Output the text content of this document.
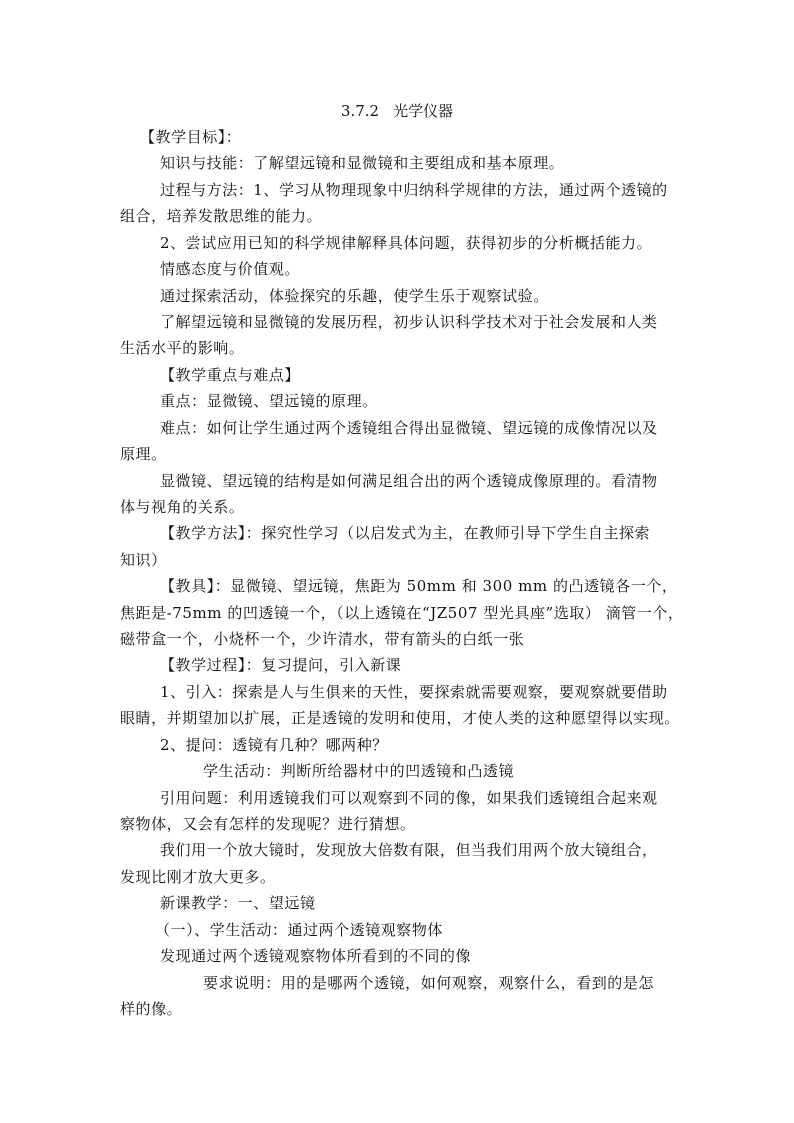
3.7.2 光学仪器
【教学目标】：
知识与技能：了解望远镜和显微镜和主要组成和基本原理。
过程与方法：1、学习从物理现象中归纳科学规律的方法，通过两个透镜的
组合，培养发散思维的能力。
2、尝试应用已知的科学规律解释具体问题，获得初步的分析概括能力。
情感态度与价值观。
通过探索活动，体验探究的乐趣，使学生乐于观察试验。
了解望远镜和显微镜的发展历程，初步认识科学技术对于社会发展和人类
生活水平的影响。
【教学重点与难点】
重点：显微镜、望远镜的原理。
难点：如何让学生通过两个透镜组合得出显微镜、望远镜的成像情况以及
原理。
显微镜、望远镜的结构是如何满足组合出的两个透镜成像原理的。看清物
体与视角的关系。
【教学方法】：探究性学习（以启发式为主，在教师引导下学生自主探索
知识）
【教具】：显微镜、望远镜，焦距为 50mm 和 300 mm 的凸透镜各一个，
焦距是-75mm 的凹透镜一个，（以上透镜在“JZ507 型光具座”选取） 滴管一个，
磁带盒一个，小烧杯一个，少许清水，带有箭头的白纸一张
【教学过程】：复习提问，引入新课
1、引入：探索是人与生俱来的天性，要探索就需要观察，要观察就要借助
眼睛，并期望加以扩展，正是透镜的发明和使用，才使人类的这种愿望得以实现。
2、提问：透镜有几种？哪两种？
学生活动：判断所给器材中的凹透镜和凸透镜
引用问题：利用透镜我们可以观察到不同的像，如果我们透镜组合起来观
察物体，又会有怎样的发现呢？进行猜想。
我们用一个放大镜时，发现放大倍数有限，但当我们用两个放大镜组合，
发现比刚才放大更多。
新课教学：一、望远镜
（一）、学生活动：通过两个透镜观察物体
发现通过两个透镜观察物体所看到的不同的像
要求说明：用的是哪两个透镜，如何观察，观察什么，看到的是怎
样的像。
